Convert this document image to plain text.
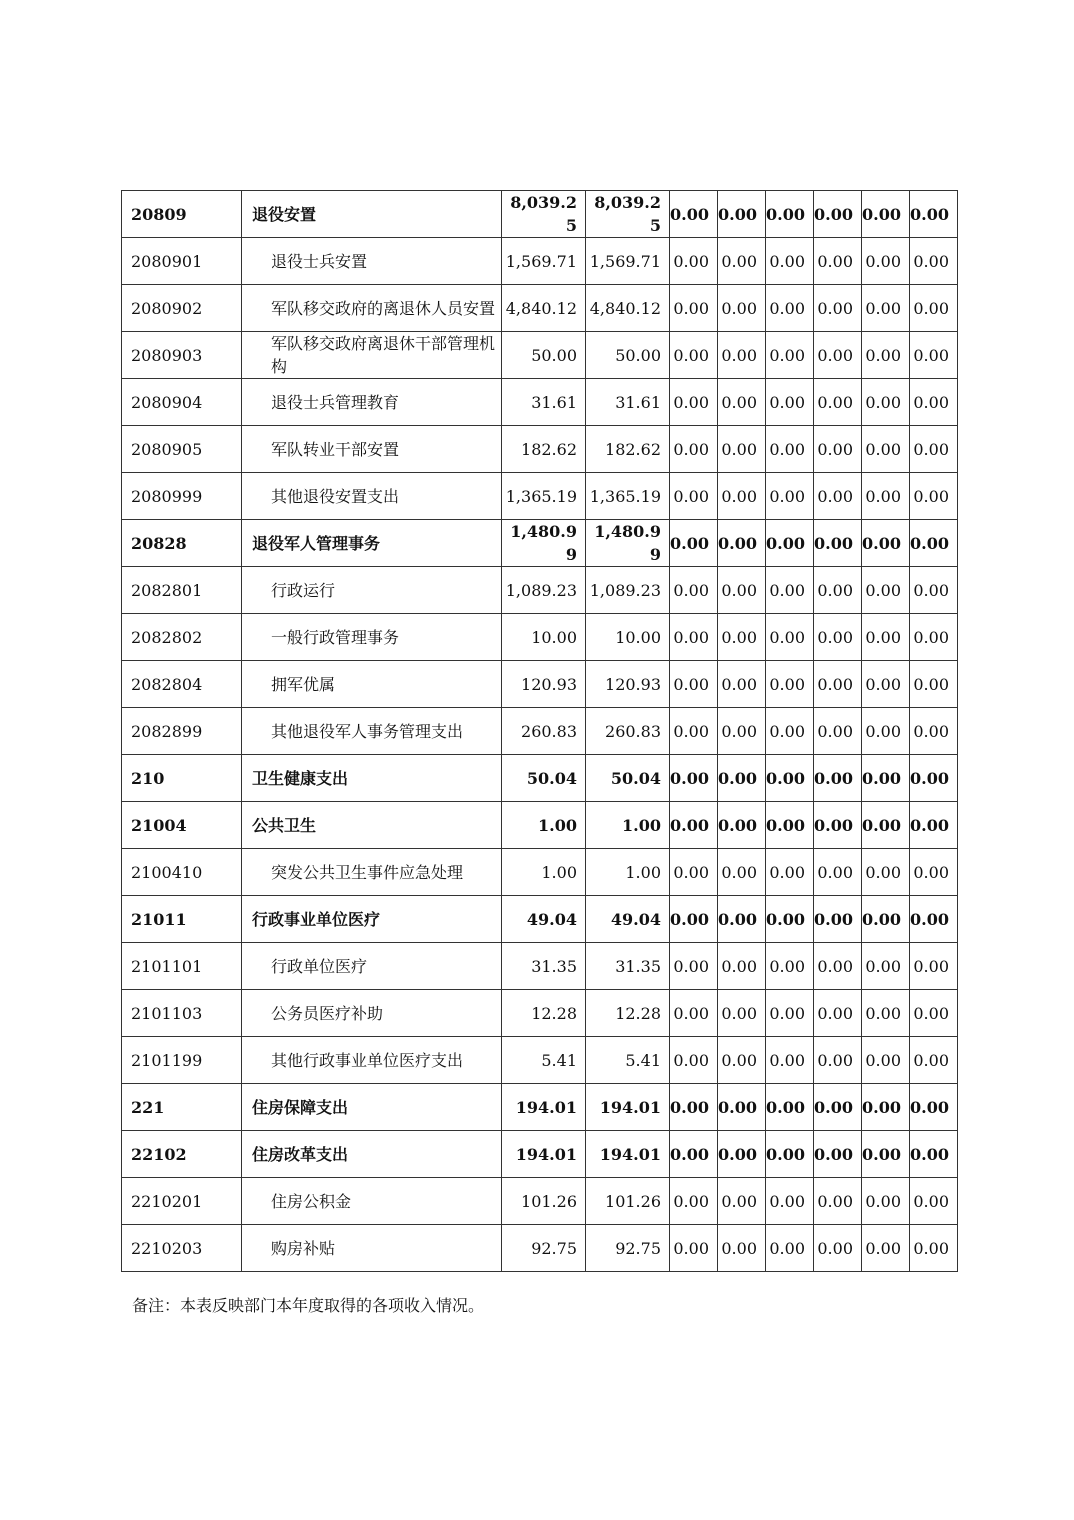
20809	退役安置	8,039.25	8,039.25	0.00	0.00	0.00	0.00	0.00	0.00
2080901	退役士兵安置	1,569.71	1,569.71	0.00	0.00	0.00	0.00	0.00	0.00
2080902	军队移交政府的离退休人员安置	4,840.12	4,840.12	0.00	0.00	0.00	0.00	0.00	0.00
2080903	军队移交政府离退休干部管理机构	50.00	50.00	0.00	0.00	0.00	0.00	0.00	0.00
2080904	退役士兵管理教育	31.61	31.61	0.00	0.00	0.00	0.00	0.00	0.00
2080905	军队转业干部安置	182.62	182.62	0.00	0.00	0.00	0.00	0.00	0.00
2080999	其他退役安置支出	1,365.19	1,365.19	0.00	0.00	0.00	0.00	0.00	0.00
20828	退役军人管理事务	1,480.99	1,480.99	0.00	0.00	0.00	0.00	0.00	0.00
2082801	行政运行	1,089.23	1,089.23	0.00	0.00	0.00	0.00	0.00	0.00
2082802	一般行政管理事务	10.00	10.00	0.00	0.00	0.00	0.00	0.00	0.00
2082804	拥军优属	120.93	120.93	0.00	0.00	0.00	0.00	0.00	0.00
2082899	其他退役军人事务管理支出	260.83	260.83	0.00	0.00	0.00	0.00	0.00	0.00
210	卫生健康支出	50.04	50.04	0.00	0.00	0.00	0.00	0.00	0.00
21004	公共卫生	1.00	1.00	0.00	0.00	0.00	0.00	0.00	0.00
2100410	突发公共卫生事件应急处理	1.00	1.00	0.00	0.00	0.00	0.00	0.00	0.00
21011	行政事业单位医疗	49.04	49.04	0.00	0.00	0.00	0.00	0.00	0.00
2101101	行政单位医疗	31.35	31.35	0.00	0.00	0.00	0.00	0.00	0.00
2101103	公务员医疗补助	12.28	12.28	0.00	0.00	0.00	0.00	0.00	0.00
2101199	其他行政事业单位医疗支出	5.41	5.41	0.00	0.00	0.00	0.00	0.00	0.00
221	住房保障支出	194.01	194.01	0.00	0.00	0.00	0.00	0.00	0.00
22102	住房改革支出	194.01	194.01	0.00	0.00	0.00	0.00	0.00	0.00
2210201	住房公积金	101.26	101.26	0.00	0.00	0.00	0.00	0.00	0.00
2210203	购房补贴	92.75	92.75	0.00	0.00	0.00	0.00	0.00	0.00
备注：本表反映部门本年度取得的各项收入情况。
